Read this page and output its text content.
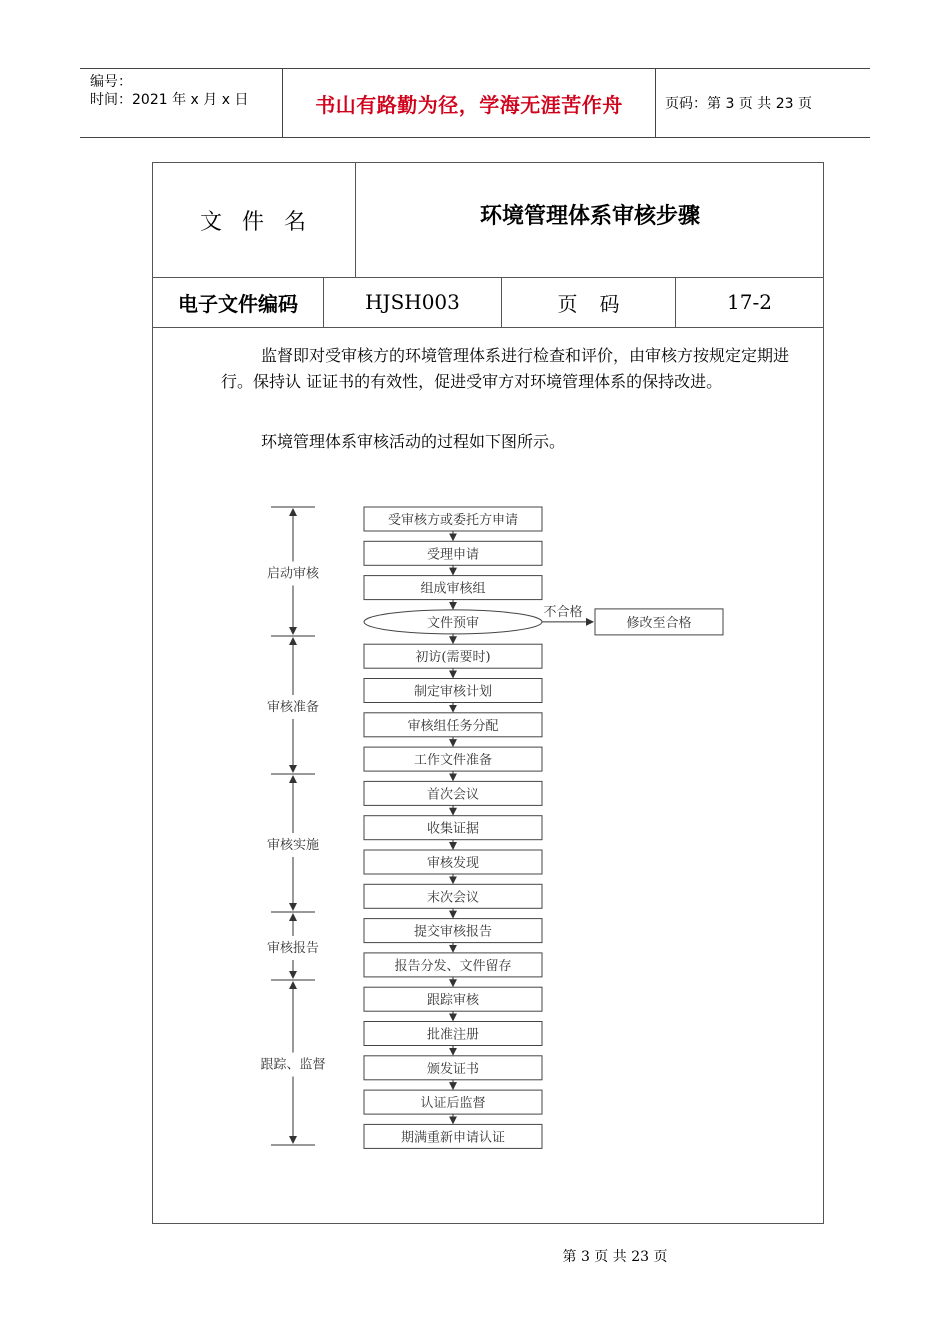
编号：
时间：2021 年 x 月 x 日	书山有路勤为径，学海无涯苦作舟	页码：第 3 页 共 23 页
文件名	环境管理体系审核步骤
电子文件编码	HJSH003	页码	17-2
监督即对受审核方的环境管理体系进行检查和评价，由审核方按规定定期进行。保持认 证证书的有效性，促进受审方对环境管理体系的保持改进。
环境管理体系审核活动的过程如下图所示。
受审核方或委托方申请
受理申请
组成审核组
文件预审
初访(需要时)
制定审核计划
审核组任务分配
工作文件准备
首次会议
收集证据
审核发现
末次会议
提交审核报告
报告分发、文件留存
跟踪审核
批准注册
颁发证书
认证后监督
期满重新申请认证
不合格
修改至合格
启动审核
审核准备
审核实施
审核报告
跟踪、监督
第 3 页 共 23 页
